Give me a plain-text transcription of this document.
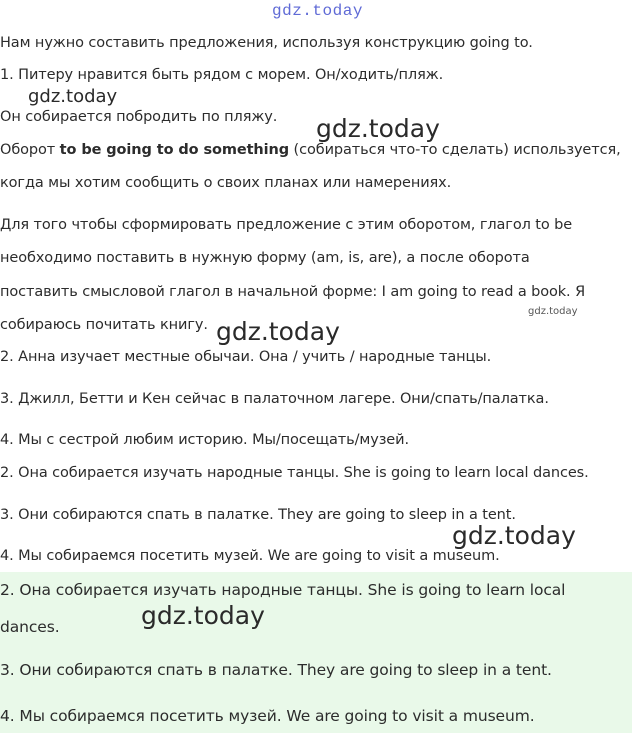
Нам нужно составить предложения, используя конструкцию going to.

1. Питеру нравится быть рядом с морем. Он/ходить/пляж.

Он собирается побродить по пляжу.

Оборот to be going to do something (собираться что-то сделать) используется,

когда мы хотим сообщить о своих планах или намерениях.

Для того чтобы сформировать предложение с этим оборотом, глагол to be

необходимо поставить в нужную форму (am, is, are), а после оборота

поставить смысловой глагол в начальной форме: I am going to read a book. Я

собираюсь почитать книгу.

2. Анна изучает местные обычаи. Она / учить / народные танцы.

3. Джилл, Бетти и Кен сейчас в палаточном лагере. Они/спать/палатка.

4. Мы с сестрой любим историю. Мы/посещать/музей.

2. Она собирается изучать народные танцы. She is going to learn local dances.

3. Они собираются спать в палатке. They are going to sleep in a tent.

4. Мы собираемся посетить музей. We are going to visit a museum.

2. Она собирается изучать народные танцы. She is going to learn local

dances.

3. Они собираются спать в палатке. They are going to sleep in a tent.

4. Мы собираемся посетить музей. We are going to visit a museum.

gdz.today
gdz.today
gdz.today
gdz.today
gdz.today
gdz.today
gdz.today
